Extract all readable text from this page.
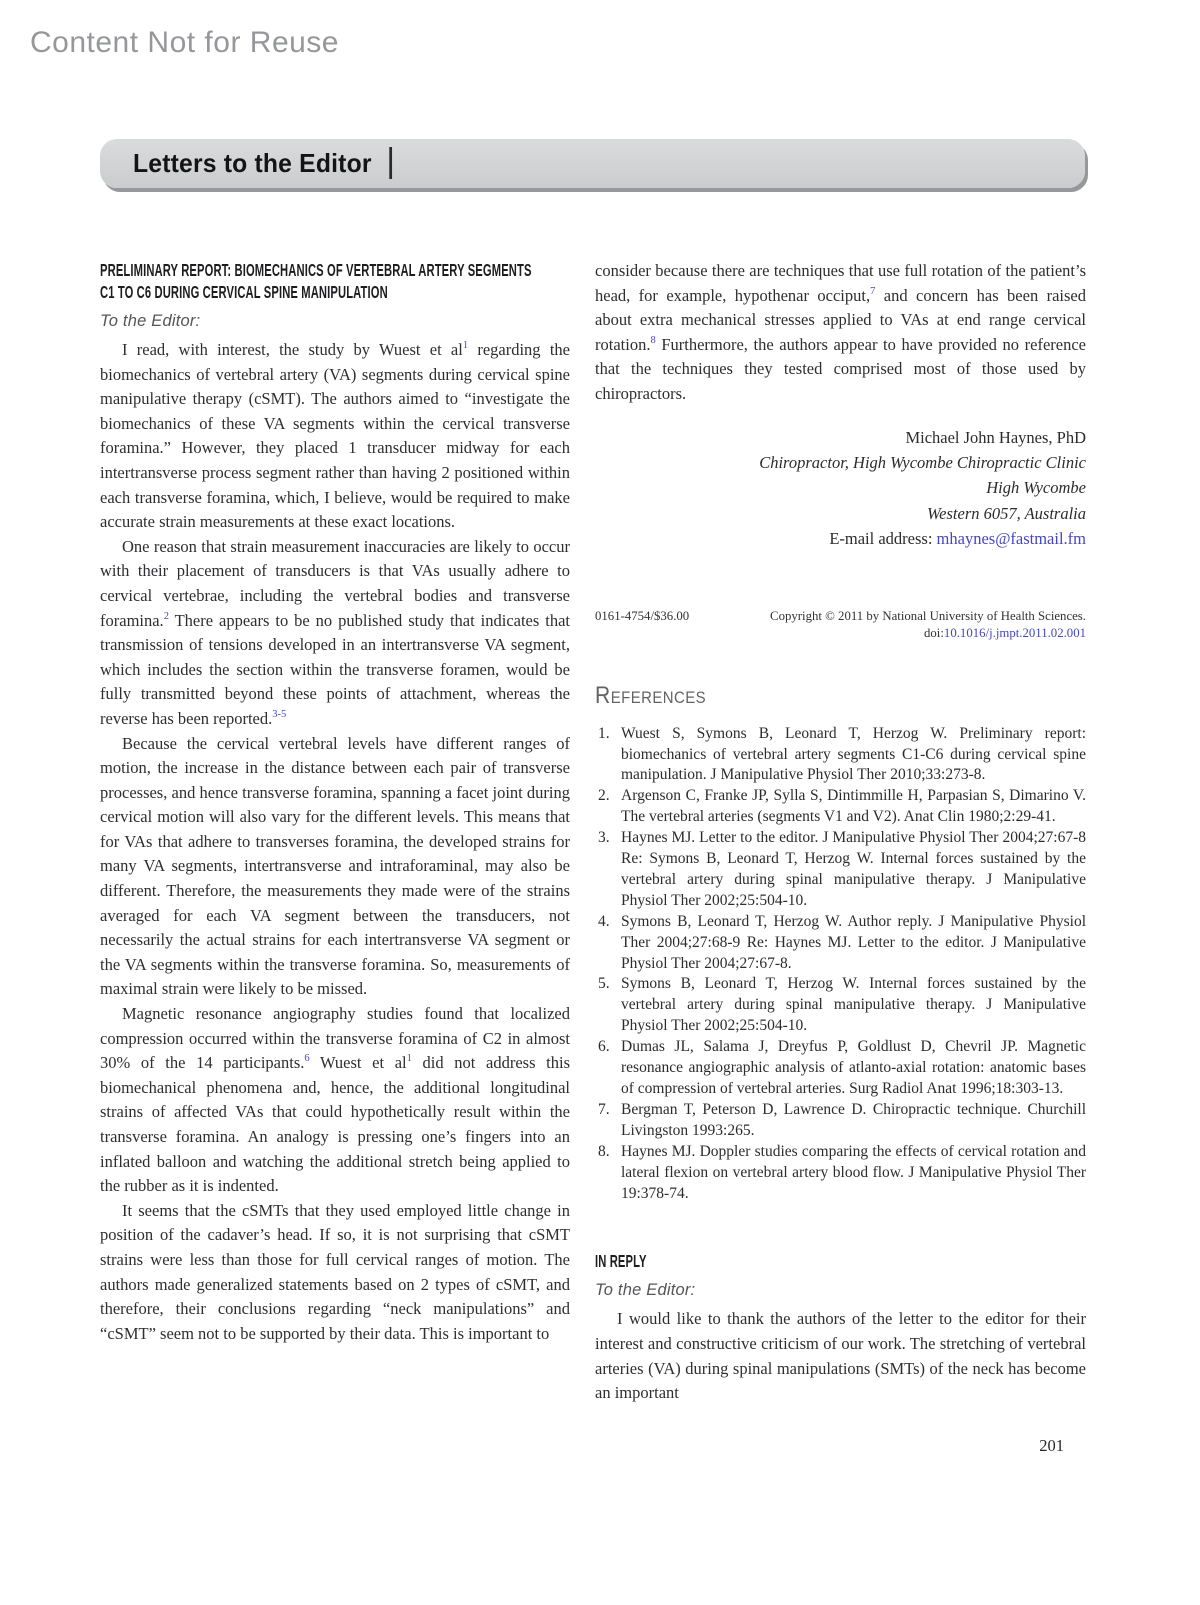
Content Not for Reuse
Letters to the Editor |
PRELIMINARY REPORT: BIOMECHANICS OF VERTEBRAL ARTERY SEGMENTS
C1 TO C6 DURING CERVICAL SPINE MANIPULATION
To the Editor:
I read, with interest, the study by Wuest et al$^1$ regarding the biomechanics of vertebral artery (VA) segments during cervical spine manipulative therapy (cSMT). The authors aimed to “investigate the biomechanics of these VA segments within the cervical transverse foramina.” However, they placed 1 transducer midway for each intertransverse process segment rather than having 2 positioned within each transverse foramina, which, I believe, would be required to make accurate strain measurements at these exact locations.
One reason that strain measurement inaccuracies are likely to occur with their placement of transducers is that VAs usually adhere to cervical vertebrae, including the vertebral bodies and transverse foramina.$^2$ There appears to be no published study that indicates that transmission of tensions developed in an intertransverse VA segment, which includes the section within the transverse foramen, would be fully transmitted beyond these points of attachment, whereas the reverse has been reported.$^{3-5}$
Because the cervical vertebral levels have different ranges of motion, the increase in the distance between each pair of transverse processes, and hence transverse foramina, spanning a facet joint during cervical motion will also vary for the different levels. This means that for VAs that adhere to transverses foramina, the developed strains for many VA segments, intertransverse and intraforaminal, may also be different. Therefore, the measurements they made were of the strains averaged for each VA segment between the transducers, not necessarily the actual strains for each intertransverse VA segment or the VA segments within the transverse foramina. So, measurements of maximal strain were likely to be missed.
Magnetic resonance angiography studies found that localized compression occurred within the transverse foramina of C2 in almost 30% of the 14 participants.$^6$ Wuest et al$^1$ did not address this biomechanical phenomena and, hence, the additional longitudinal strains of affected VAs that could hypothetically result within the transverse foramina. An analogy is pressing one’s fingers into an inflated balloon and watching the additional stretch being applied to the rubber as it is indented.
It seems that the cSMTs that they used employed little change in position of the cadaver’s head. If so, it is not surprising that cSMT strains were less than those for full cervical ranges of motion. The authors made generalized statements based on 2 types of cSMT, and therefore, their conclusions regarding “neck manipulations” and “cSMT” seem not to be supported by their data. This is important to
consider because there are techniques that use full rotation of the patient’s head, for example, hypothenar occiput,$^7$ and concern has been raised about extra mechanical stresses applied to VAs at end range cervical rotation.$^8$ Furthermore, the authors appear to have provided no reference that the techniques they tested comprised most of those used by chiropractors.
Michael John Haynes, PhD
Chiropractor, High Wycombe Chiropractic Clinic
High Wycombe
Western 6057, Australia
E-mail address: mhaynes@fastmail.fm
0161-4754/$36.00	Copyright © 2011 by National University of Health Sciences.
doi:10.1016/j.jmpt.2011.02.001
References
1. Wuest S, Symons B, Leonard T, Herzog W. Preliminary report: biomechanics of vertebral artery segments C1-C6 during cervical spine manipulation. J Manipulative Physiol Ther 2010;33:273-8.
2. Argenson C, Franke JP, Sylla S, Dintimmille H, Parpasian S, Dimarino V. The vertebral arteries (segments V1 and V2). Anat Clin 1980;2:29-41.
3. Haynes MJ. Letter to the editor. J Manipulative Physiol Ther 2004;27:67-8 Re: Symons B, Leonard T, Herzog W. Internal forces sustained by the vertebral artery during spinal manipulative therapy. J Manipulative Physiol Ther 2002;25:504-10.
4. Symons B, Leonard T, Herzog W. Author reply. J Manipulative Physiol Ther 2004;27:68-9 Re: Haynes MJ. Letter to the editor. J Manipulative Physiol Ther 2004;27:67-8.
5. Symons B, Leonard T, Herzog W. Internal forces sustained by the vertebral artery during spinal manipulative therapy. J Manipulative Physiol Ther 2002;25:504-10.
6. Dumas JL, Salama J, Dreyfus P, Goldlust D, Chevril JP. Magnetic resonance angiographic analysis of atlanto-axial rotation: anatomic bases of compression of vertebral arteries. Surg Radiol Anat 1996;18:303-13.
7. Bergman T, Peterson D, Lawrence D. Chiropractic technique. Churchill Livingston 1993:265.
8. Haynes MJ. Doppler studies comparing the effects of cervical rotation and lateral flexion on vertebral artery blood flow. J Manipulative Physiol Ther 19:378-74.
IN REPLY
To the Editor:
I would like to thank the authors of the letter to the editor for their interest and constructive criticism of our work. The stretching of vertebral arteries (VA) during spinal manipulations (SMTs) of the neck has become an important
201
